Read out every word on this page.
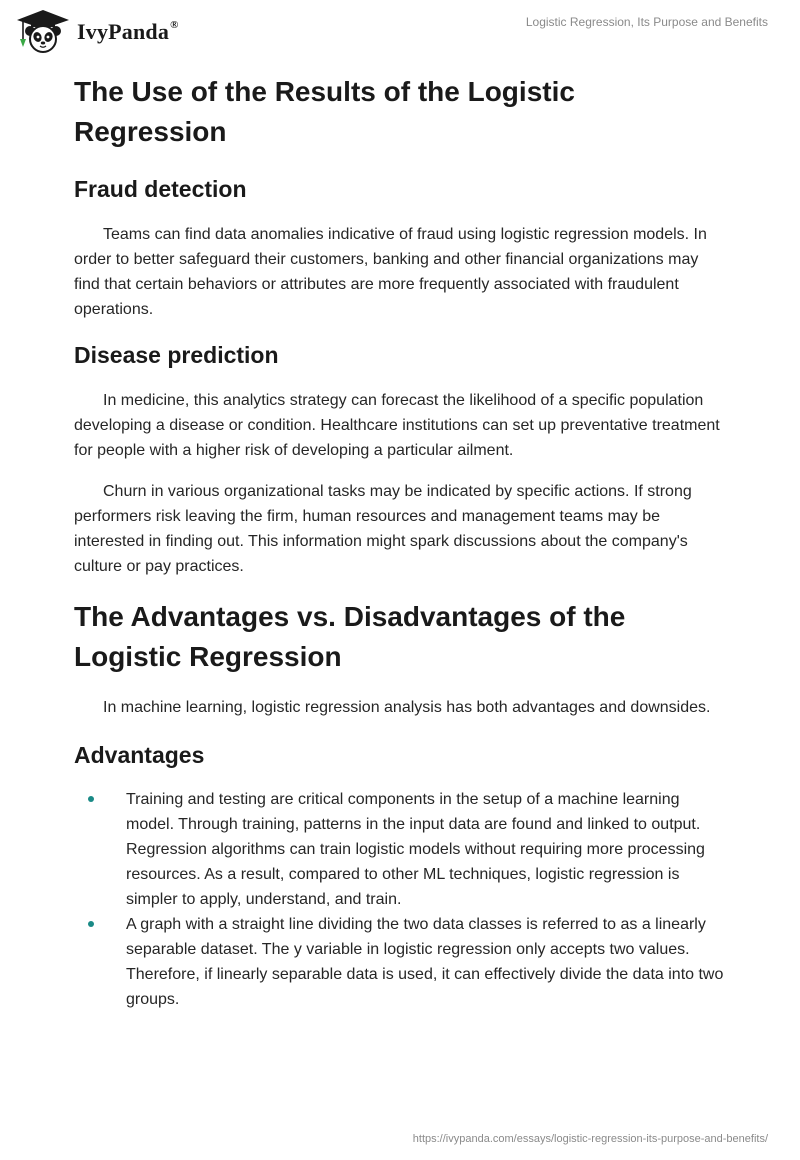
IvyPanda®	Logistic Regression, Its Purpose and Benefits
The Use of the Results of the Logistic Regression
Fraud detection

Teams can find data anomalies indicative of fraud using logistic regression models. In order to better safeguard their customers, banking and other financial organizations may find that certain behaviors or attributes are more frequently associated with fraudulent operations.

Disease prediction

In medicine, this analytics strategy can forecast the likelihood of a specific population developing a disease or condition. Healthcare institutions can set up preventative treatment for people with a higher risk of developing a particular ailment.

Churn in various organizational tasks may be indicated by specific actions. If strong performers risk leaving the firm, human resources and management teams may be interested in finding out. This information might spark discussions about the company's culture or pay practices.

The Advantages vs. Disadvantages of the Logistic Regression

In machine learning, logistic regression analysis has both advantages and downsides.

Advantages
Training and testing are critical components in the setup of a machine learning model. Through training, patterns in the input data are found and linked to output. Regression algorithms can train logistic models without requiring more processing resources. As a result, compared to other ML techniques, logistic regression is simpler to apply, understand, and train.
A graph with a straight line dividing the two data classes is referred to as a linearly separable dataset. The y variable in logistic regression only accepts two values. Therefore, if linearly separable data is used, it can effectively divide the data into two groups.
https://ivypanda.com/essays/logistic-regression-its-purpose-and-benefits/
